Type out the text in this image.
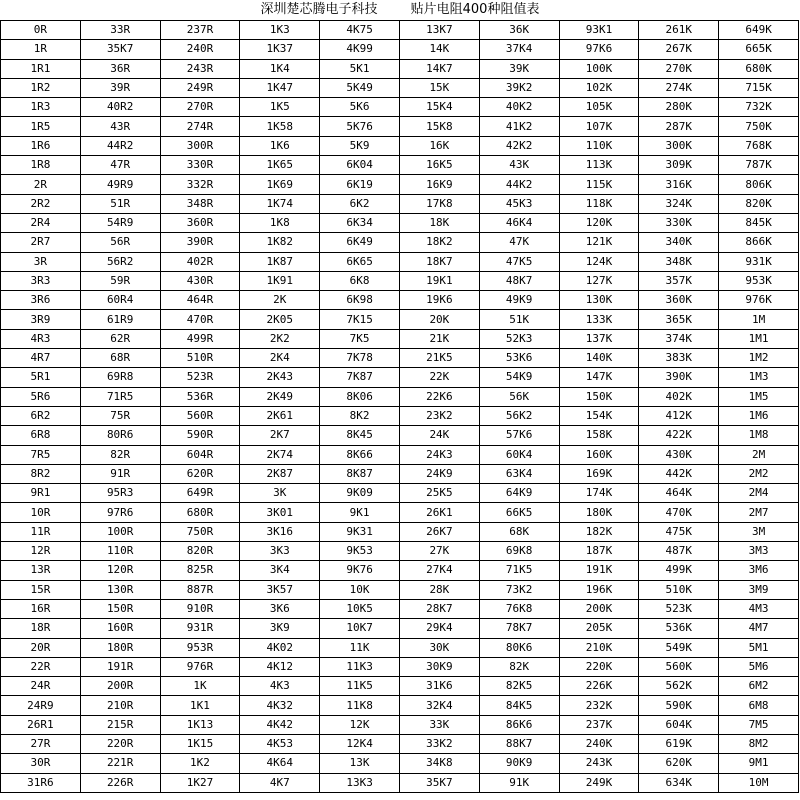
深圳楚芯腾电子科技	贴片电阻400种阻值表
0R	33R	237R	1K3	4K75	13K7	36K	93K1	261K	649K
1R	35K7	240R	1K37	4K99	14K	37K4	97K6	267K	665K
1R1	36R	243R	1K4	5K1	14K7	39K	100K	270K	680K
1R2	39R	249R	1K47	5K49	15K	39K2	102K	274K	715K
1R3	40R2	270R	1K5	5K6	15K4	40K2	105K	280K	732K
1R5	43R	274R	1K58	5K76	15K8	41K2	107K	287K	750K
1R6	44R2	300R	1K6	5K9	16K	42K2	110K	300K	768K
1R8	47R	330R	1K65	6K04	16K5	43K	113K	309K	787K
2R	49R9	332R	1K69	6K19	16K9	44K2	115K	316K	806K
2R2	51R	348R	1K74	6K2	17K8	45K3	118K	324K	820K
2R4	54R9	360R	1K8	6K34	18K	46K4	120K	330K	845K
2R7	56R	390R	1K82	6K49	18K2	47K	121K	340K	866K
3R	56R2	402R	1K87	6K65	18K7	47K5	124K	348K	931K
3R3	59R	430R	1K91	6K8	19K1	48K7	127K	357K	953K
3R6	60R4	464R	2K	6K98	19K6	49K9	130K	360K	976K
3R9	61R9	470R	2K05	7K15	20K	51K	133K	365K	1M
4R3	62R	499R	2K2	7K5	21K	52K3	137K	374K	1M1
4R7	68R	510R	2K4	7K78	21K5	53K6	140K	383K	1M2
5R1	69R8	523R	2K43	7K87	22K	54K9	147K	390K	1M3
5R6	71R5	536R	2K49	8K06	22K6	56K	150K	402K	1M5
6R2	75R	560R	2K61	8K2	23K2	56K2	154K	412K	1M6
6R8	80R6	590R	2K7	8K45	24K	57K6	158K	422K	1M8
7R5	82R	604R	2K74	8K66	24K3	60K4	160K	430K	2M
8R2	91R	620R	2K87	8K87	24K9	63K4	169K	442K	2M2
9R1	95R3	649R	3K	9K09	25K5	64K9	174K	464K	2M4
10R	97R6	680R	3K01	9K1	26K1	66K5	180K	470K	2M7
11R	100R	750R	3K16	9K31	26K7	68K	182K	475K	3M
12R	110R	820R	3K3	9K53	27K	69K8	187K	487K	3M3
13R	120R	825R	3K4	9K76	27K4	71K5	191K	499K	3M6
15R	130R	887R	3K57	10K	28K	73K2	196K	510K	3M9
16R	150R	910R	3K6	10K5	28K7	76K8	200K	523K	4M3
18R	160R	931R	3K9	10K7	29K4	78K7	205K	536K	4M7
20R	180R	953R	4K02	11K	30K	80K6	210K	549K	5M1
22R	191R	976R	4K12	11K3	30K9	82K	220K	560K	5M6
24R	200R	1K	4K3	11K5	31K6	82K5	226K	562K	6M2
24R9	210R	1K1	4K32	11K8	32K4	84K5	232K	590K	6M8
26R1	215R	1K13	4K42	12K	33K	86K6	237K	604K	7M5
27R	220R	1K15	4K53	12K4	33K2	88K7	240K	619K	8M2
30R	221R	1K2	4K64	13K	34K8	90K9	243K	620K	9M1
31R6	226R	1K27	4K7	13K3	35K7	91K	249K	634K	10M
